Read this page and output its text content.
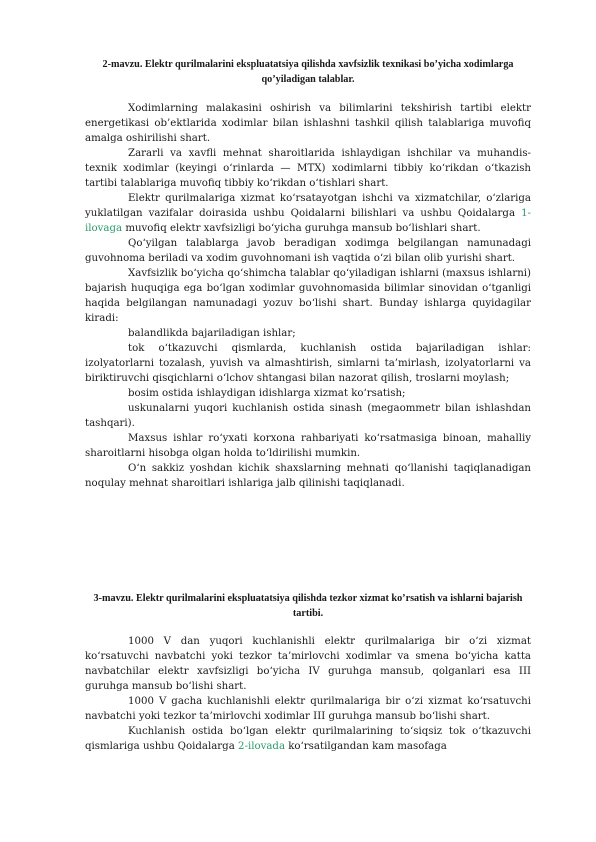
2-mavzu. Elektr qurilmalarini ekspluatatsiya qilishda xavfsizlik texnikasi bo’yicha xodimlarga qo’yiladigan talablar.

Xodimlarning malakasini oshirish va bilimlarini tekshirish tartibi elektr energetikasi ob’ektlarida xodimlar bilan ishlashni tashkil qilish talablariga muvofiq amalga oshirilishi shart.

Zararli va xavfli mehnat sharoitlarida ishlaydigan ishchilar va muhandis-texnik xodimlar (keyingi o‘rinlarda — MTX) xodimlarni tibbiy ko‘rikdan o‘tkazish tartibi talablariga muvofiq tibbiy ko‘rikdan o‘tishlari shart.

Elektr qurilmalariga xizmat ko‘rsatayotgan ishchi va xizmatchilar, o‘zlariga yuklatilgan vazifalar doirasida ushbu Qoidalarni bilishlari va ushbu Qoidalarga 1-ilovaga muvofiq elektr xavfsizligi bo‘yicha guruhga mansub bo‘lishlari shart.

Qo‘yilgan talablarga javob beradigan xodimga belgilangan namunadagi guvohnoma beriladi va xodim guvohnomani ish vaqtida o‘zi bilan olib yurishi shart.

Xavfsizlik bo‘yicha qo‘shimcha talablar qo‘yiladigan ishlarni (maxsus ishlarni) bajarish huquqiga ega bo‘lgan xodimlar guvohnomasida bilimlar sinovidan o‘tganligi haqida belgilangan namunadagi yozuv bo‘lishi shart. Bunday ishlarga quyidagilar kiradi:

balandlikda bajariladigan ishlar;

tok o‘tkazuvchi qismlarda, kuchlanish ostida bajariladigan ishlar: izolyatorlarni tozalash, yuvish va almashtirish, simlarni ta’mirlash, izolyatorlarni va biriktiruvchi qisqichlarni o‘lchov shtangasi bilan nazorat qilish, troslarni moylash;

bosim ostida ishlaydigan idishlarga xizmat ko‘rsatish;

uskunalarni yuqori kuchlanish ostida sinash (megaommetr bilan ishlashdan tashqari).

Maxsus ishlar ro‘yxati korxona rahbariyati ko‘rsatmasiga binoan, mahalliy sharoitlarni hisobga olgan holda to‘ldirilishi mumkin.

O‘n sakkiz yoshdan kichik shaxslarning mehnati qo‘llanishi taqiqlanadigan noqulay mehnat sharoitlari ishlariga jalb qilinishi taqiqlanadi.

3-mavzu. Elektr qurilmalarini ekspluatatsiya qilishda tezkor xizmat ko’rsatish va ishlarni bajarish tartibi.

1000 V dan yuqori kuchlanishli elektr qurilmalariga bir o‘zi xizmat ko‘rsatuvchi navbatchi yoki tezkor ta’mirlovchi xodimlar va smena bo‘yicha katta navbatchilar elektr xavfsizligi bo‘yicha IV guruhga mansub, qolganlari esa III guruhga mansub bo‘lishi shart.

1000 V gacha kuchlanishli elektr qurilmalariga bir o‘zi xizmat ko‘rsatuvchi navbatchi yoki tezkor ta’mirlovchi xodimlar III guruhga mansub bo‘lishi shart.

Kuchlanish ostida bo‘lgan elektr qurilmalarining to‘siqsiz tok o‘tkazuvchi qismlariga ushbu Qoidalarga 2-ilovada ko‘rsatilgandan kam masofaga
